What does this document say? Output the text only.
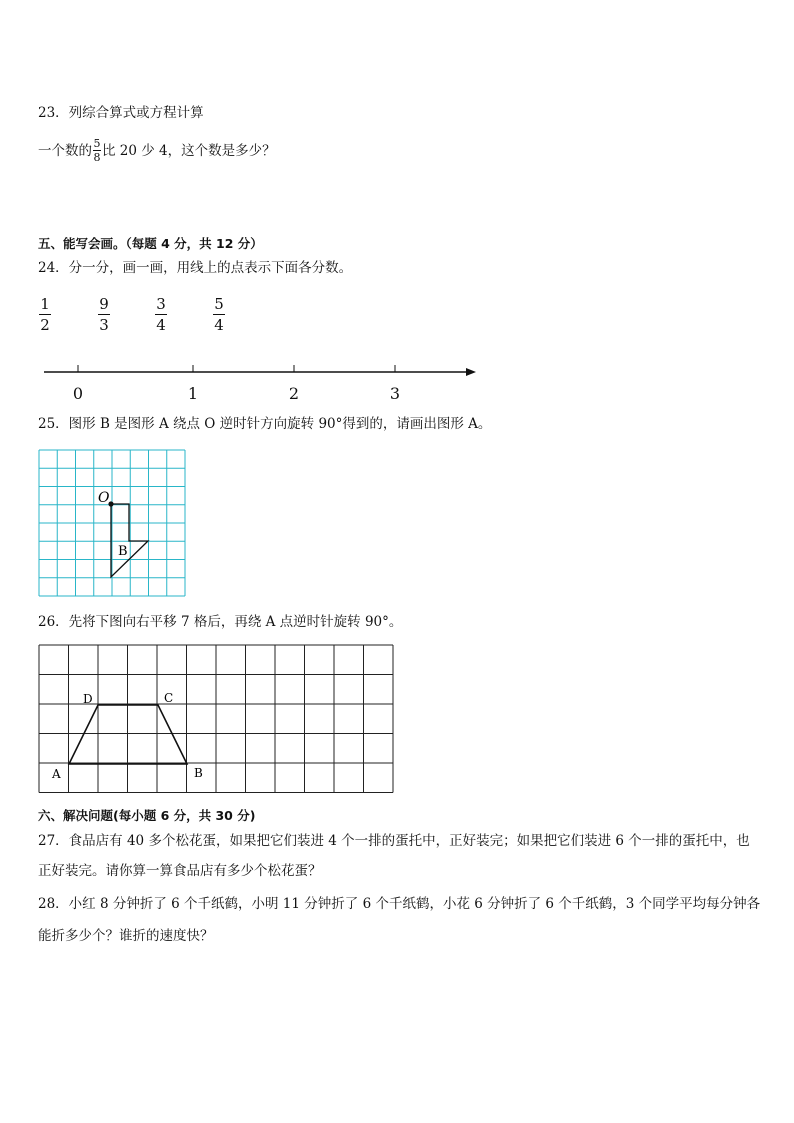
23．列综合算式或方程计算
一个数的 $\frac{5}{8}$ 比 20 少 4，这个数是多少？
五、能写会画。（每题 4 分，共 12 分）
24．分一分，画一画，用线上的点表示下面各分数。
1
2
9
3
3
4
5
4
0	1	2	3
25．图形 B 是图形 A 绕点 O 逆时针方向旋转 90°得到的，请画出图形 A。
O
B
26．先将下图向右平移 7 格后，再绕 A 点逆时针旋转 90°。
D	C
A	B
六、解决问题(每小题 6 分，共 30 分)
27．食品店有 40 多个松花蛋，如果把它们装进 4 个一排的蛋托中，正好装完；如果把它们装进 6 个一排的蛋托中，也
正好装完。请你算一算食品店有多少个松花蛋？
28．小红 8 分钟折了 6 个千纸鹤，小明 11 分钟折了 6 个千纸鹤，小花 6 分钟折了 6 个千纸鹤，3 个同学平均每分钟各
能折多少个？谁折的速度快？
